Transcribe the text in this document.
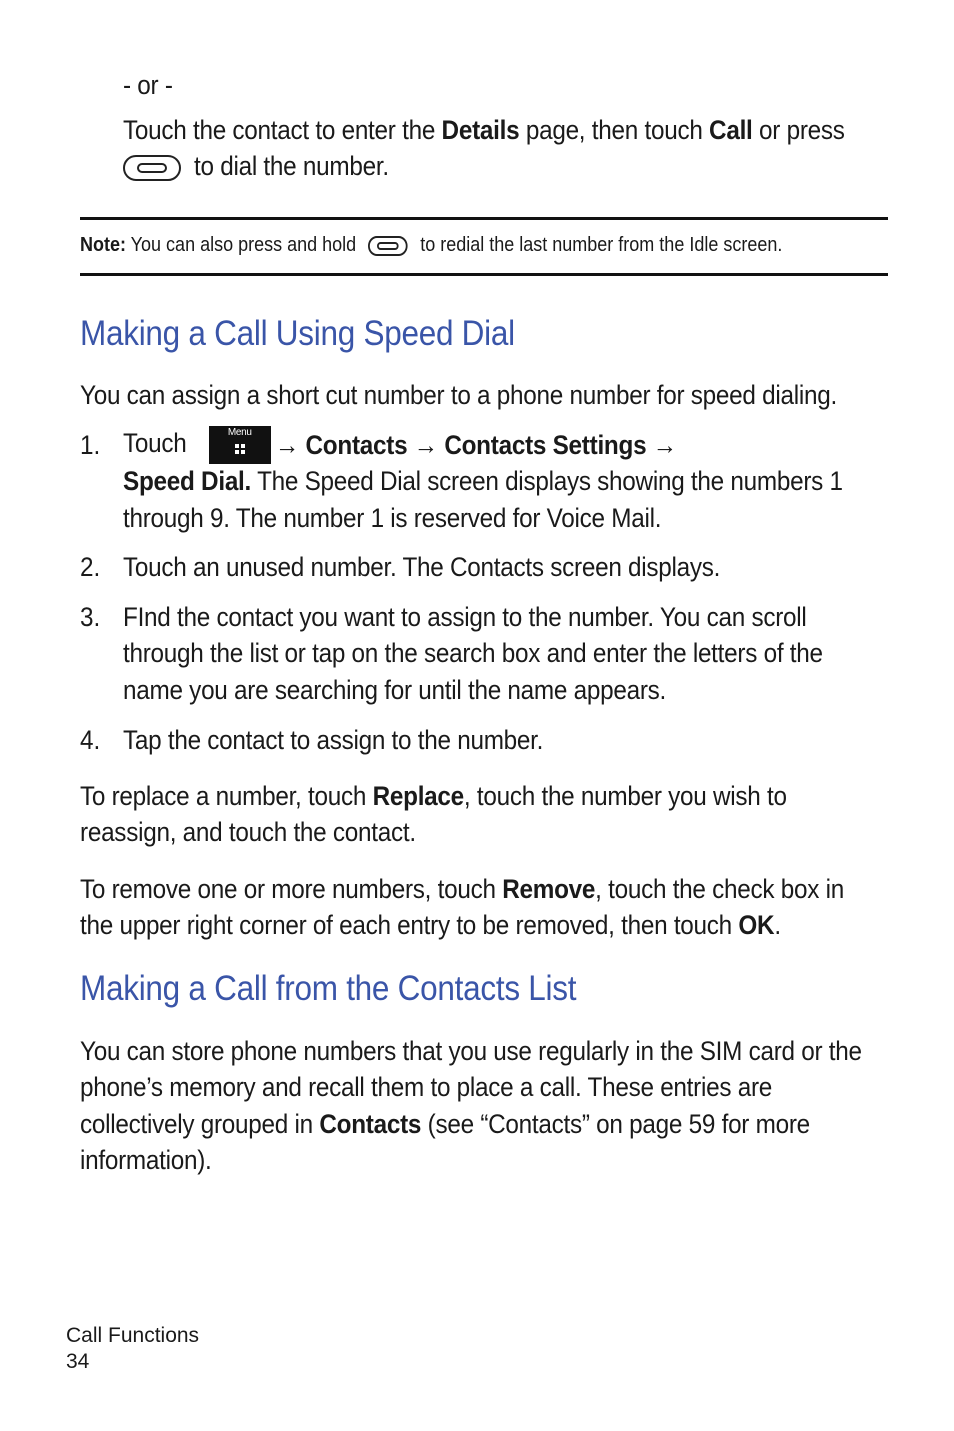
- or -
Touch the contact to enter the Details page, then touch Call or press
to dial the number.
Note: You can also press and hold	to redial the last number from the Idle screen.
Making a Call Using Speed Dial
You can assign a short cut number to a phone number for speed dialing.
1. Touch	Menu → Contacts → Contacts Settings →
Speed Dial. The Speed Dial screen displays showing the numbers 1
through 9. The number 1 is reserved for Voice Mail.
2. Touch an unused number. The Contacts screen displays.
3. FInd the contact you want to assign to the number. You can scroll
through the list or tap on the search box and enter the letters of the
name you are searching for until the name appears.
4. Tap the contact to assign to the number.
To replace a number, touch Replace, touch the number you wish to
reassign, and touch the contact.
To remove one or more numbers, touch Remove, touch the check box in
the upper right corner of each entry to be removed, then touch OK.
Making a Call from the Contacts List
You can store phone numbers that you use regularly in the SIM card or the
phone’s memory and recall them to place a call. These entries are
collectively grouped in Contacts (see “Contacts” on page 59 for more
information).
Call Functions
34
